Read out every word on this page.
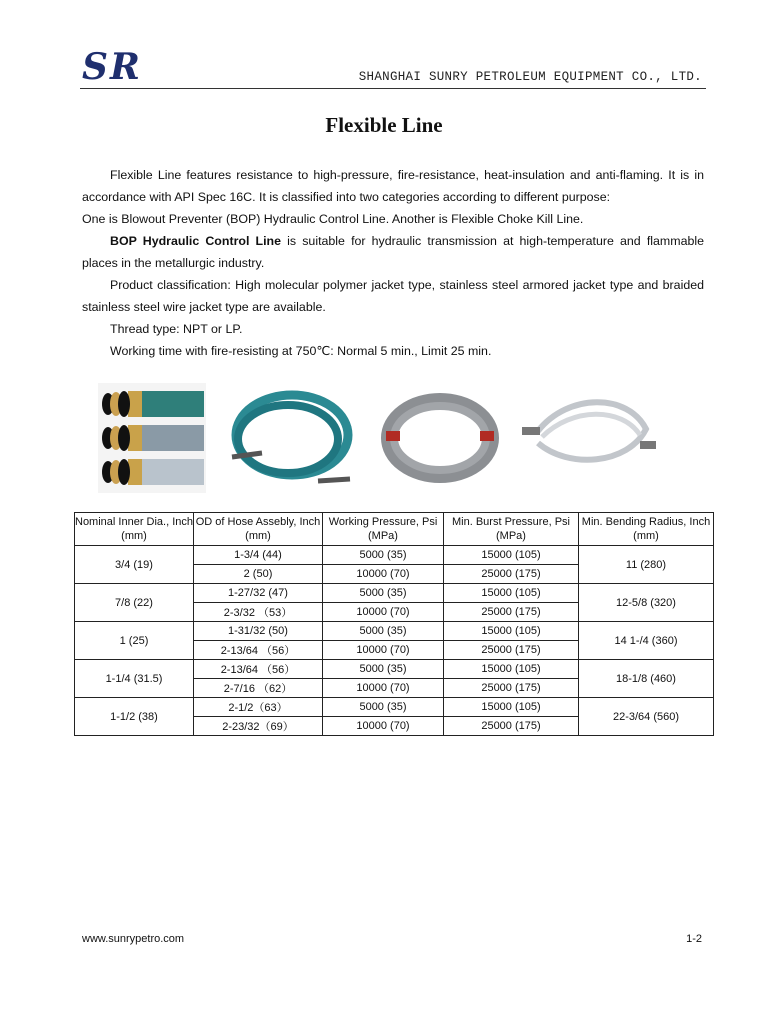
SR	SHANGHAI SUNRY PETROLEUM EQUIPMENT CO., LTD.
Flexible Line

Flexible Line features resistance to high-pressure, fire-resistance, heat-insulation and anti-flaming. It is in accordance with API Spec 16C. It is classified into two categories according to different purpose:

One is Blowout Preventer (BOP) Hydraulic Control Line. Another is Flexible Choke Kill Line.

BOP Hydraulic Control Line is suitable for hydraulic transmission at high-temperature and flammable places in the metallurgic industry.

Product classification: High molecular polymer jacket type, stainless steel armored jacket type and braided stainless steel wire jacket type are available.

Thread type: NPT or LP.

Working time with fire-resisting at 750℃: Normal 5 min., Limit 25 min.

Nominal Inner Dia., Inch (mm)	OD of Hose Assebly, Inch (mm)	Working Pressure, Psi (MPa)	Min. Burst Pressure, Psi (MPa)	Min. Bending Radius, Inch (mm)
3/4 (19)	1-3/4 (44)	5000 (35)	15000 (105)	11 (280)
	2 (50)	10000 (70)	25000 (175)	
7/8 (22)	1-27/32 (47)	5000 (35)	15000 (105)	12-5/8 (320)
	2-3/32 （53）	10000 (70)	25000 (175)	
1 (25)	1-31/32 (50)	5000 (35)	15000 (105)	14 1-/4 (360)
	2-13/64 （56）	10000 (70)	25000 (175)	
1-1/4 (31.5)	2-13/64 （56）	5000 (35)	15000 (105)	18-1/8 (460)
	2-7/16 （62）	10000 (70)	25000 (175)	
1-1/2 (38)	2-1/2（63）	5000 (35)	15000 (105)	22-3/64 (560)
	2-23/32（69）	10000 (70)	25000 (175)	
www.sunrypetro.com	1-2
